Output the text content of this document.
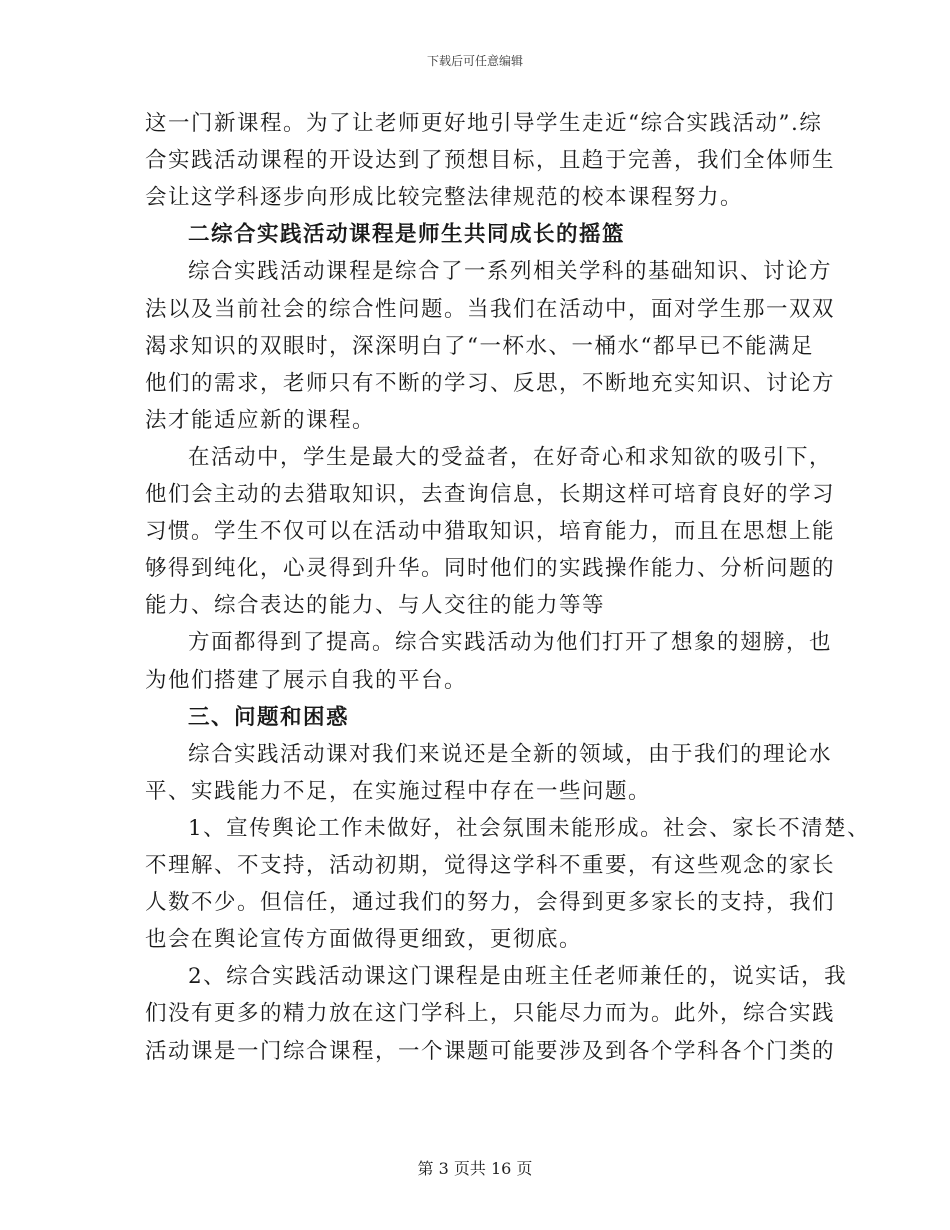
下载后可任意编辑
这一门新课程。为了让老师更好地引导学生走近“综合实践活动”.综
合实践活动课程的开设达到了预想目标，且趋于完善，我们全体师生
会让这学科逐步向形成比较完整法律规范的校本课程努力。
二综合实践活动课程是师生共同成长的摇篮
综合实践活动课程是综合了一系列相关学科的基础知识、讨论方
法以及当前社会的综合性问题。当我们在活动中，面对学生那一双双
渴求知识的双眼时，深深明白了“一杯水、一桶水“都早已不能满足
他们的需求，老师只有不断的学习、反思，不断地充实知识、讨论方
法才能适应新的课程。
在活动中，学生是最大的受益者，在好奇心和求知欲的吸引下，
他们会主动的去猎取知识，去查询信息，长期这样可培育良好的学习
习惯。学生不仅可以在活动中猎取知识，培育能力，而且在思想上能
够得到纯化，心灵得到升华。同时他们的实践操作能力、分析问题的
能力、综合表达的能力、与人交往的能力等等
方面都得到了提高。综合实践活动为他们打开了想象的翅膀，也
为他们搭建了展示自我的平台。
三、问题和困惑
综合实践活动课对我们来说还是全新的领域，由于我们的理论水
平、实践能力不足，在实施过程中存在一些问题。
1、宣传舆论工作未做好，社会氛围未能形成。社会、家长不清楚、
不理解、不支持，活动初期，觉得这学科不重要，有这些观念的家长
人数不少。但信任，通过我们的努力，会得到更多家长的支持，我们
也会在舆论宣传方面做得更细致，更彻底。
2、综合实践活动课这门课程是由班主任老师兼任的，说实话，我
们没有更多的精力放在这门学科上，只能尽力而为。此外，综合实践
活动课是一门综合课程，一个课题可能要涉及到各个学科各个门类的
第 3 页共 16 页
